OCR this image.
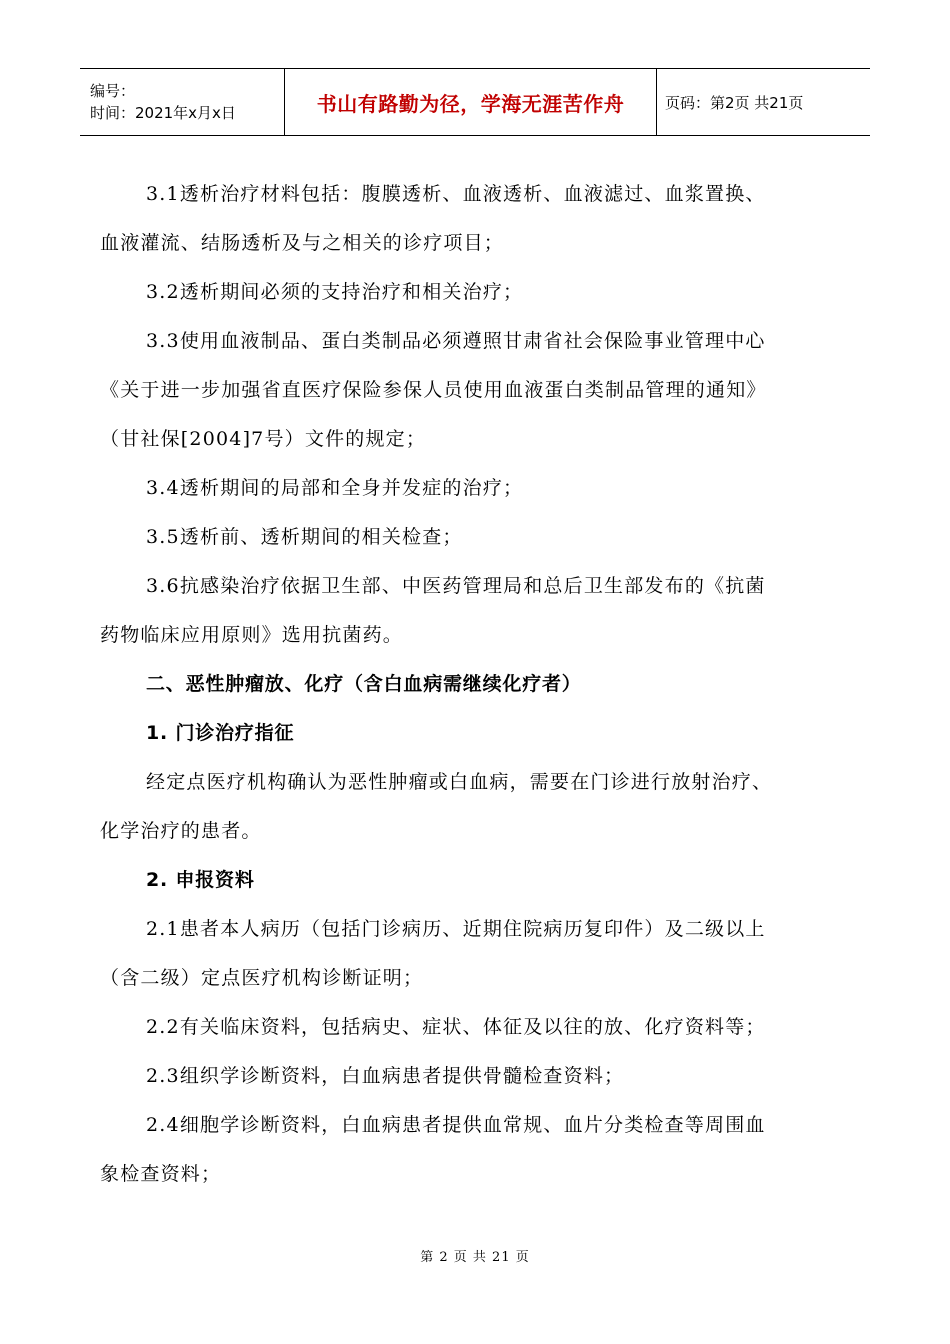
编号：
时间：2021年x月x日	书山有路勤为径，学海无涯苦作舟	页码：第2页 共21页

3.1透析治疗材料包括：腹膜透析、血液透析、血液滤过、血浆置换、

血液灌流、结肠透析及与之相关的诊疗项目；

3.2透析期间必须的支持治疗和相关治疗；

3.3使用血液制品、蛋白类制品必须遵照甘肃省社会保险事业管理中心

《关于进一步加强省直医疗保险参保人员使用血液蛋白类制品管理的通知》

（甘社保[2004]7号）文件的规定；

3.4透析期间的局部和全身并发症的治疗；

3.5透析前、透析期间的相关检查；

3.6抗感染治疗依据卫生部、中医药管理局和总后卫生部发布的《抗菌

药物临床应用原则》选用抗菌药。

二、恶性肿瘤放、化疗（含白血病需继续化疗者）

1. 门诊治疗指征

经定点医疗机构确认为恶性肿瘤或白血病，需要在门诊进行放射治疗、

化学治疗的患者。

2. 申报资料

2.1患者本人病历（包括门诊病历、近期住院病历复印件）及二级以上

（含二级）定点医疗机构诊断证明；

2.2有关临床资料，包括病史、症状、体征及以往的放、化疗资料等；

2.3组织学诊断资料，白血病患者提供骨髓检查资料；

2.4细胞学诊断资料，白血病患者提供血常规、血片分类检查等周围血

象检查资料；

第 2 页 共 21 页
